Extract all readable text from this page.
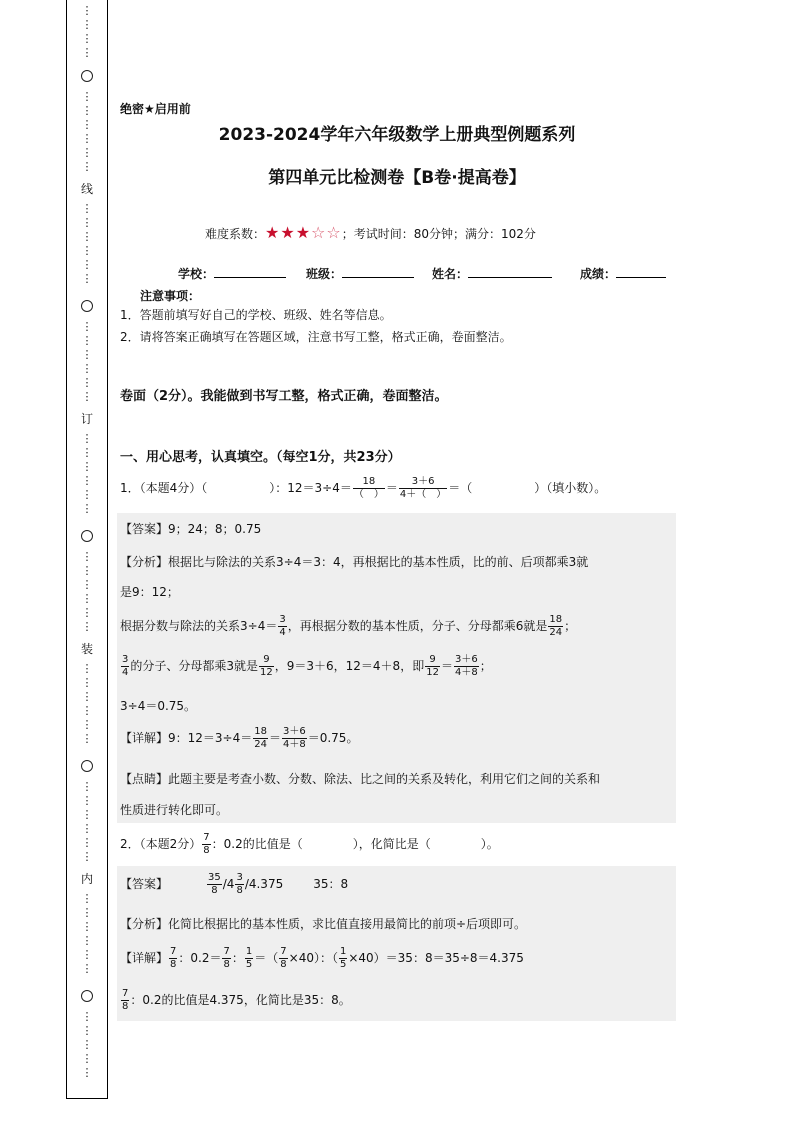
⋮
⋮
⋮
⋮
⋮
⋮
⋮
⋮
⋮
⋮
线
⋮
⋮
⋮
⋮
⋮
⋮
⋮
⋮
⋮
⋮
⋮
⋮
订
⋮
⋮
⋮
⋮
⋮
⋮
⋮
⋮
⋮
⋮
⋮
⋮
装
⋮
⋮
⋮
⋮
⋮
⋮
⋮
⋮
⋮
⋮
⋮
⋮
内
⋮
⋮
⋮
⋮
⋮
⋮
⋮
⋮
⋮
⋮
⋮
绝密★启用前
2023-2024学年六年级数学上册典型例题系列
第四单元比检测卷【B卷·提高卷】
难度系数：★★★☆☆；考试时间：80分钟；满分：102分
学校：	班级：	姓名：	成绩：
注意事项：
1．答题前填写好自己的学校、班级、姓名等信息。
2．请将答案正确填写在答题区域，注意书写工整，格式正确，卷面整洁。
卷面（2分）。我能做到书写工整，格式正确，卷面整洁。
一、用心思考，认真填空。（每空1分，共23分）
1．（本题4分）（	）：$12=3\div 4= \frac{18}{( )} = \frac{3+6}{4+( )}$ ＝（	）（填小数）。
【答案】9；24；8；0.75
【分析】根据比与除法的关系3÷4＝3：4，再根据比的基本性质，比的前、后项都乘3就
是9：12；
根据分数与除法的关系$3\div 4= \frac{3}{4}$ ，再根据分数的基本性质，分子、分母都乘6就是 $\frac{18}{24}$ ；
$\frac{3}{4}$ 的分子、分母都乘3就是 $\frac{9}{12}$ ，9＝3＋6，12＝4＋8，即 $\frac{9}{12} = \frac{3+6}{4+8}$ ；
3÷4＝0.75。
【详解】9：$12=3\div 4= \frac{18}{24} = \frac{3+6}{4+8} =0.75$。
【点睛】此题主要是考查小数、分数、除法、比之间的关系及转化，利用它们之间的关系和
性质进行转化即可。
2．（本题2分） $\frac{7}{8}$ ：0.2的比值是（	），化简比是（	）。
【答案】	$\frac{35}{8} /4 \frac{3}{8} /4.375$	35：8
【分析】化简比根据比的基本性质，求比值直接用最简比的前项÷后项即可。
【详解】 $\frac{7}{8}$ ：$0.2= \frac{7}{8}$ ： $\frac{1}{5}$ ＝（ $\frac{7}{8} \times 40$）：（ $\frac{1}{5} \times 40)=35$：8＝35÷8＝4.375
$\frac{7}{8}$ ：0.2的比值是4.375，化简比是35：8。
